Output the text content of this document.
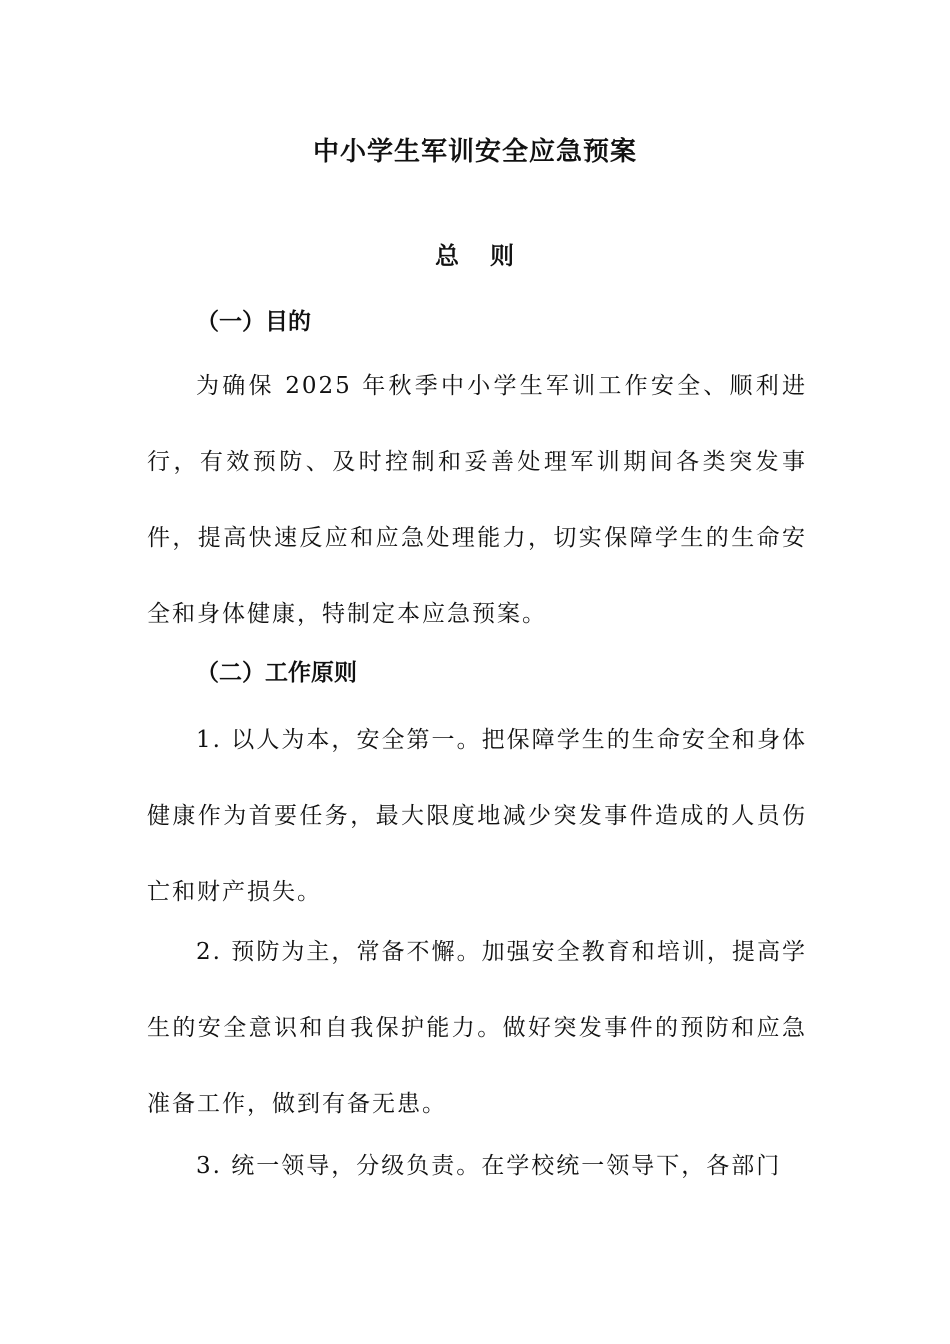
中小学生军训安全应急预案
总 则
（一）目的

为确保 2025 年秋季中小学生军训工作安全、顺利进行，有效预防、及时控制和妥善处理军训期间各类突发事件，提高快速反应和应急处理能力，切实保障学生的生命安全和身体健康，特制定本应急预案。

（二）工作原则

1. 以人为本，安全第一。把保障学生的生命安全和身体健康作为首要任务，最大限度地减少突发事件造成的人员伤亡和财产损失。

2. 预防为主，常备不懈。加强安全教育和培训，提高学生的安全意识和自我保护能力。做好突发事件的预防和应急准备工作，做到有备无患。

3. 统一领导，分级负责。在学校统一领导下，各部门
